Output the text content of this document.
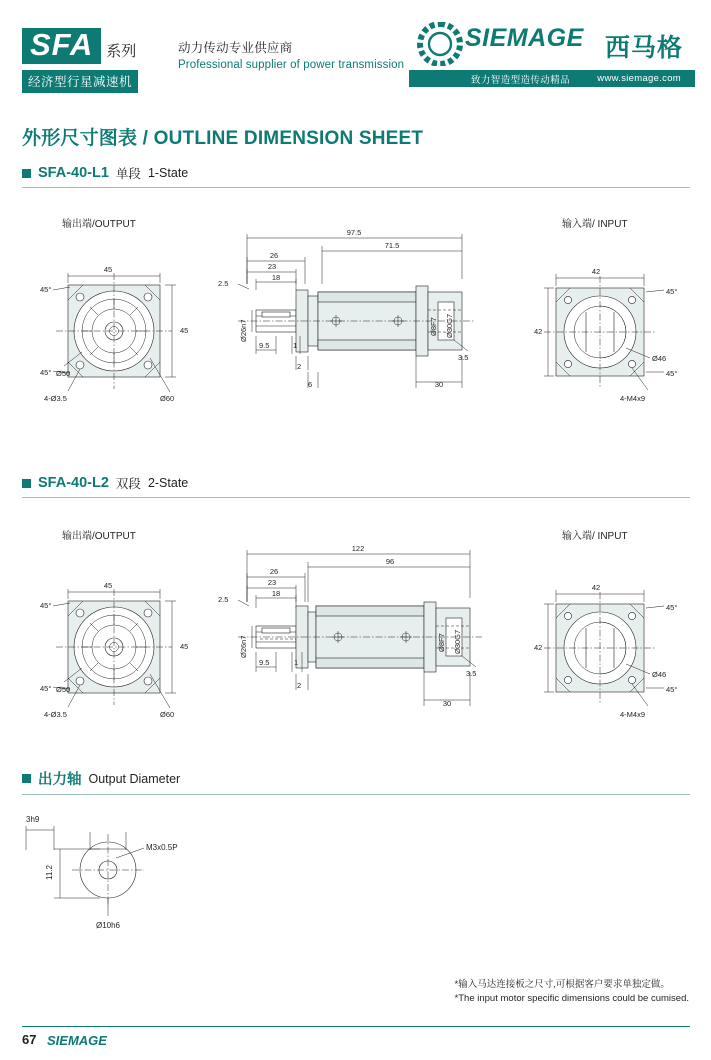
SFA 系列
经济型行星减速机
动力传动专业供应商
Professional supplier of power transmission
SIEMAGE 西马格
致力智造型造传动精品	www.siemage.com
外形尺寸图表 / OUTLINE DIMENSION SHEET
SFA-40-L1 单段 1-State
输出端/OUTPUT	输入端/ INPUT
45
45
45°
45° Ø50
4-Ø3.5	Ø60
97.5
71.5
26
23
18
2.5
Ø26n7
9.5	1
2
6	30
3.5
Ø8F7 Ø30G7
42
42
45°
45°
Ø46
4-M4x9
SFA-40-L2 双段 2-State
输出端/OUTPUT	输入端/ INPUT
45
45
45°
45° Ø50
4-Ø3.5	Ø60
122
96
26
23
18
2.5
Ø26n7
9.5	1
2
30
3.5
Ø8F7 Ø30G7
42
42
45°
45°
Ø46
4-M4x9
出力轴 Output Diameter
3h9
11.2
M3x0.5P
Ø10h6
*输入马达连接板之尺寸,可根据客户要求单独定做。
*The input motor specific dimensions could be cumised.
67 SIEMAGE
